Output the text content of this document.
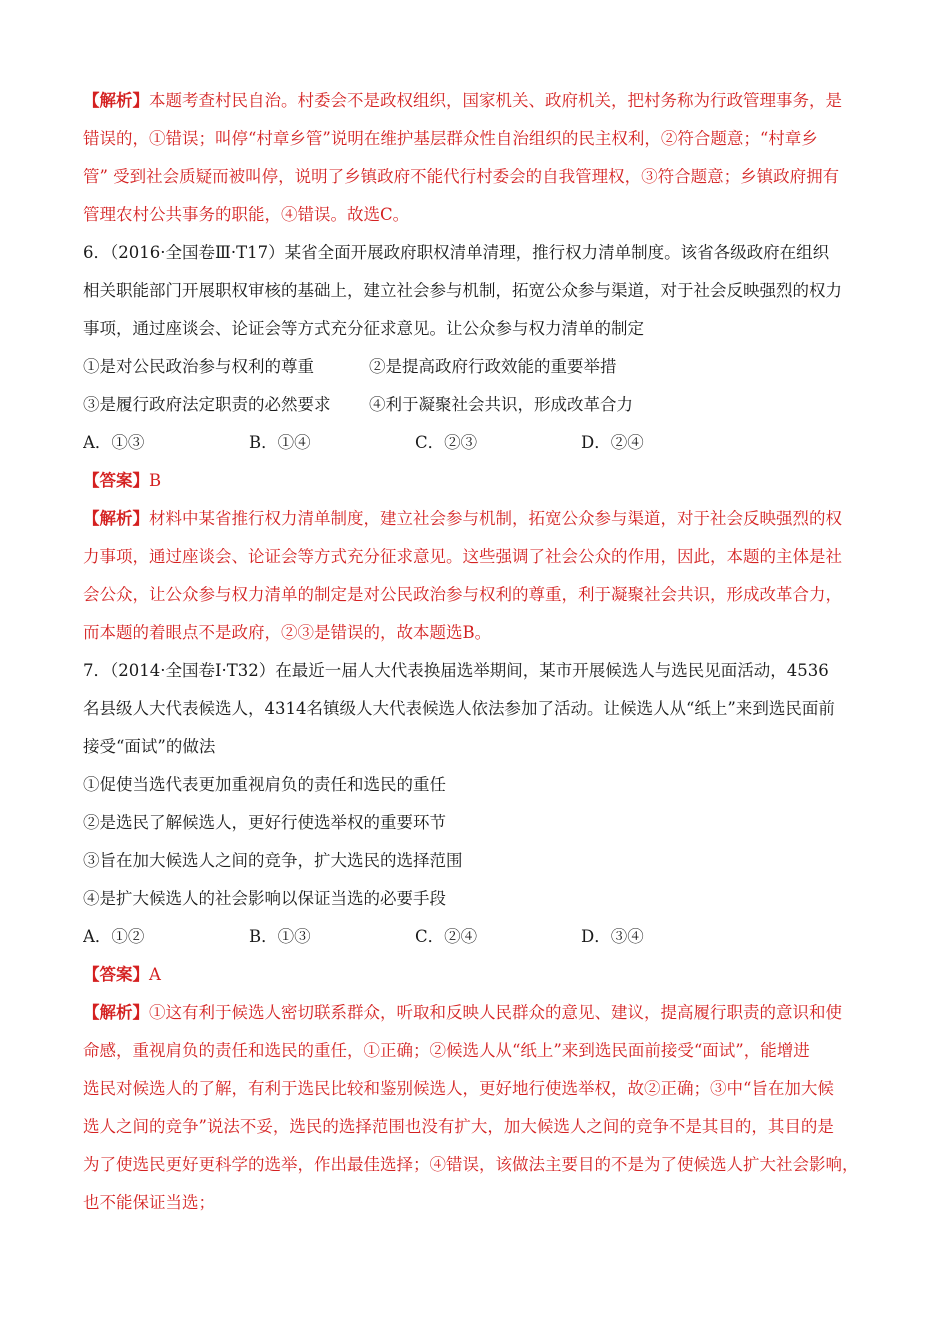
【解析】本题考查村民自治。村委会不是政权组织，国家机关、政府机关，把村务称为行政管理事务，是
错误的，①错误；叫停“村章乡管”说明在维护基层群众性自治组织的民主权利，②符合题意；“村章乡
管” 受到社会质疑而被叫停，说明了乡镇政府不能代行村委会的自我管理权，③符合题意；乡镇政府拥有
管理农村公共事务的职能，④错误。故选C。
6．（2016·全国卷Ⅲ·T17）某省全面开展政府职权清单清理，推行权力清单制度。该省各级政府在组织
相关职能部门开展职权审核的基础上，建立社会参与机制，拓宽公众参与渠道，对于社会反映强烈的权力
事项，通过座谈会、论证会等方式充分征求意见。让公众参与权力清单的制定
①是对公民政治参与权利的尊重	②是提高政府行政效能的重要举措
③是履行政府法定职责的必然要求 ④利于凝聚社会共识，形成改革合力
A．①③	B．①④	C．②③	D．②④
【答案】B
【解析】材料中某省推行权力清单制度，建立社会参与机制，拓宽公众参与渠道，对于社会反映强烈的权
力事项，通过座谈会、论证会等方式充分征求意见。这些强调了社会公众的作用，因此，本题的主体是社
会公众，让公众参与权力清单的制定是对公民政治参与权利的尊重，利于凝聚社会共识，形成改革合力，
而本题的着眼点不是政府，②③是错误的，故本题选B。
7．（2014·全国卷Ⅰ·T32）在最近一届人大代表换届选举期间，某市开展候选人与选民见面活动，4536
名县级人大代表候选人，4314名镇级人大代表候选人依法参加了活动。让候选人从“纸上”来到选民面前
接受“面试”的做法
①促使当选代表更加重视肩负的责任和选民的重任
②是选民了解候选人，更好行使选举权的重要环节
③旨在加大候选人之间的竞争，扩大选民的选择范围
④是扩大候选人的社会影响以保证当选的必要手段
A．①②	B．①③	C．②④	D．③④
【答案】A
【解析】①这有利于候选人密切联系群众，听取和反映人民群众的意见、建议，提高履行职责的意识和使
命感，重视肩负的责任和选民的重任，①正确；②候选人从“纸上”来到选民面前接受“面试”，能增进
选民对候选人的了解，有利于选民比较和鉴别候选人，更好地行使选举权，故②正确；③中“旨在加大候
选人之间的竞争”说法不妥，选民的选择范围也没有扩大，加大候选人之间的竞争不是其目的，其目的是
为了使选民更好更科学的选举，作出最佳选择；④错误，该做法主要目的不是为了使候选人扩大社会影响，
也不能保证当选；
